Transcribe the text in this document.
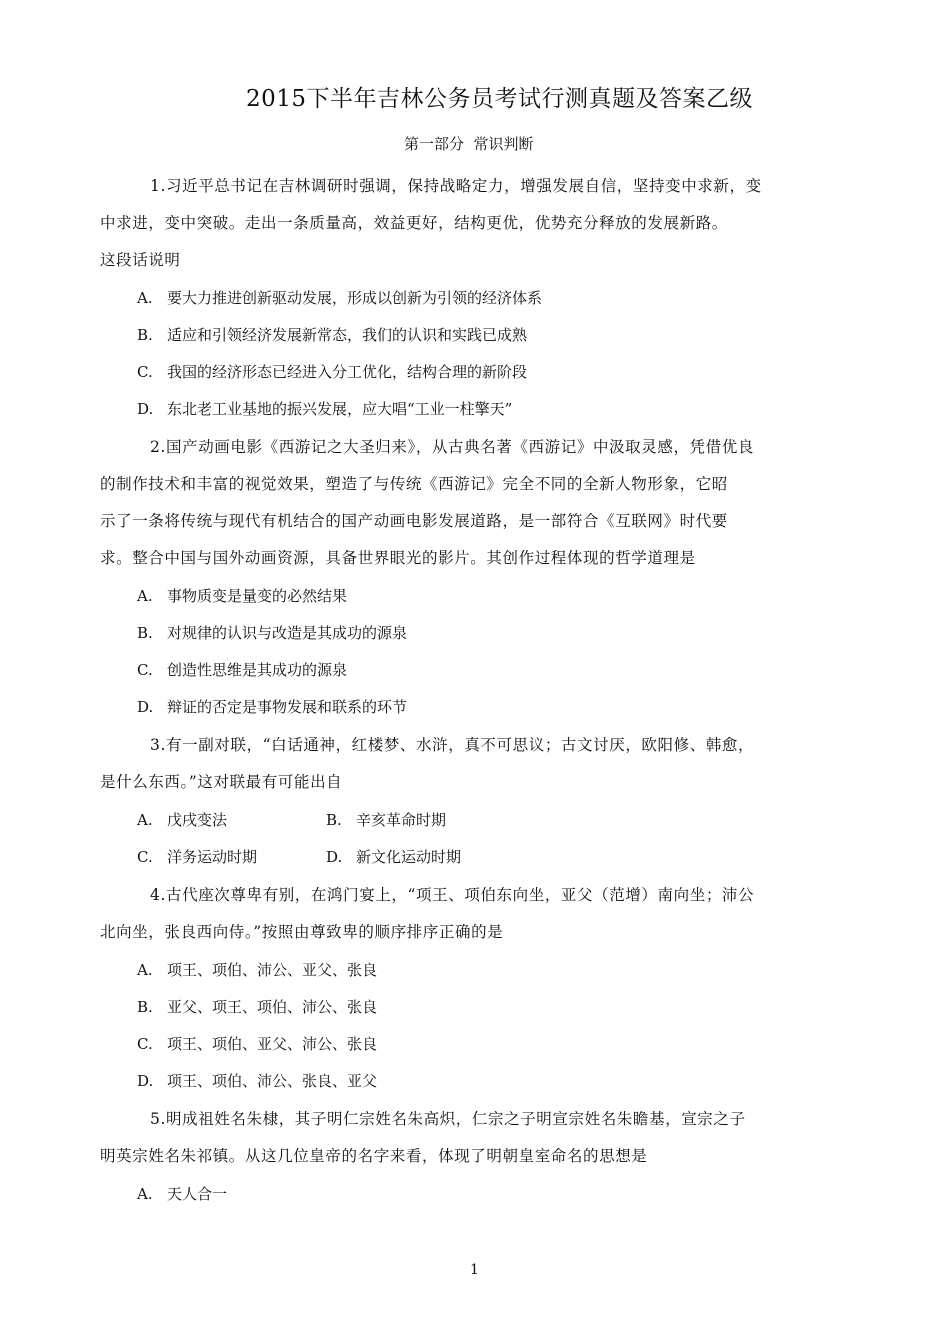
2015下半年吉林公务员考试行测真题及答案乙级
第一部分  常识判断
1.习近平总书记在吉林调研时强调，保持战略定力，增强发展自信，坚持变中求新，变
中求进，变中突破。走出一条质量高，效益更好，结构更优，优势充分释放的发展新路。
这段话说明
A. 要大力推进创新驱动发展，形成以创新为引领的经济体系
B. 适应和引领经济发展新常态，我们的认识和实践已成熟
C. 我国的经济形态已经进入分工优化，结构合理的新阶段
D. 东北老工业基地的振兴发展，应大唱“工业一柱擎天”
2.国产动画电影《西游记之大圣归来》，从古典名著《西游记》中汲取灵感，凭借优良
的制作技术和丰富的视觉效果，塑造了与传统《西游记》完全不同的全新人物形象，它昭
示了一条将传统与现代有机结合的国产动画电影发展道路，是一部符合《互联网》时代要
求。整合中国与国外动画资源，具备世界眼光的影片。其创作过程体现的哲学道理是
A. 事物质变是量变的必然结果
B. 对规律的认识与改造是其成功的源泉
C. 创造性思维是其成功的源泉
D. 辩证的否定是事物发展和联系的环节
3.有一副对联，“白话通神，红楼梦、水浒，真不可思议；古文讨厌，欧阳修、韩愈，
是什么东西。”这对联最有可能出自
A. 戊戌变法	B. 辛亥革命时期
C. 洋务运动时期	D. 新文化运动时期
4.古代座次尊卑有别，在鸿门宴上，“项王、项伯东向坐，亚父（范增）南向坐；沛公
北向坐，张良西向侍。”按照由尊致卑的顺序排序正确的是
A. 项王、项伯、沛公、亚父、张良
B. 亚父、项王、项伯、沛公、张良
C. 项王、项伯、亚父、沛公、张良
D. 项王、项伯、沛公、张良、亚父
5.明成祖姓名朱棣，其子明仁宗姓名朱高炽，仁宗之子明宣宗姓名朱瞻基，宣宗之子
明英宗姓名朱祁镇。从这几位皇帝的名字来看，体现了明朝皇室命名的思想是
A. 天人合一
1
